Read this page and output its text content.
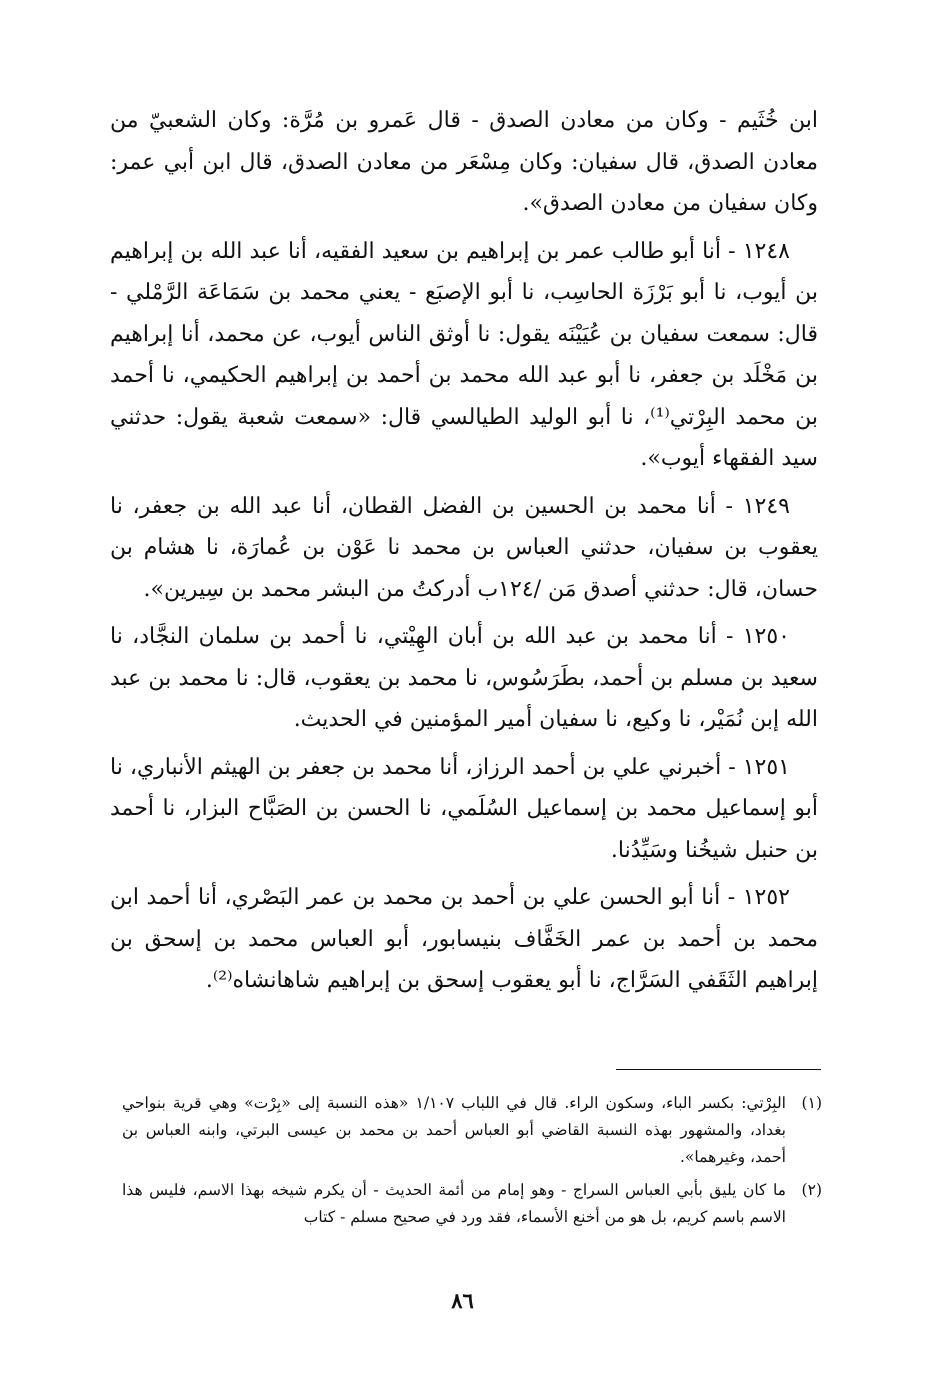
ابن خُثَيم - وكان من معادن الصدق - قال عَمرو بن مُرَّة: وكان الشعبيّ من معادن الصدق، قال سفيان: وكان مِسْعَر من معادن الصدق، قال ابن أبي عمر: وكان سفيان من معادن الصدق».

١٢٤٨ - أنا أبو طالب عمر بن إبراهيم بن سعيد الفقيه، أنا عبد الله بن إبراهيم بن أيوب، نا أبو بَرْزَة الحاسِب، نا أبو الإصبَع - يعني محمد بن سَمَاعَة الرَّمْلي - قال: سمعت سفيان بن عُيَيْنَه يقول: نا أوثق الناس أيوب، عن محمد، أنا إبراهيم بن مَخْلَد بن جعفر، نا أبو عبد الله محمد بن أحمد بن إبراهيم الحكيمي، نا أحمد بن محمد البِرْتي⁽¹⁾، نا أبو الوليد الطيالسي قال: «سمعت شعبة يقول: حدثني سيد الفقهاء أيوب».

١٢٤٩ - أنا محمد بن الحسين بن الفضل القطان، أنا عبد الله بن جعفر، نا يعقوب بن سفيان، حدثني العباس بن محمد نا عَوْن بن عُمارَة، نا هشام بن حسان، قال: حدثني أصدق مَن /١٢٤ب أدركتُ من البشر محمد بن سِيرين».

١٢٥٠ - أنا محمد بن عبد الله بن أبان الهِيْتي، نا أحمد بن سلمان النجَّاد، نا سعيد بن مسلم بن أحمد، بطَرَسُوس، نا محمد بن يعقوب، قال: نا محمد بن عبد الله إبن نُمَيْر، نا وكيع، نا سفيان أمير المؤمنين في الحديث.

١٢٥١ - أخبرني علي بن أحمد الرزاز، أنا محمد بن جعفر بن الهيثم الأنباري، نا أبو إسماعيل محمد بن إسماعيل السُلَمي، نا الحسن بن الصَبَّاح البزار، نا أحمد بن حنبل شيخُنا وسَيِّدُنا.

١٢٥٢ - أنا أبو الحسن علي بن أحمد بن محمد بن عمر البَصْري، أنا أحمد ابن محمد بن أحمد بن عمر الخَفَّاف بنيسابور، أبو العباس محمد بن إسحق بن إبراهيم الثَقَفي السَرَّاج، نا أبو يعقوب إسحق بن إبراهيم شاهانشاه⁽²⁾.

(١)
البِرْتي: بكسر الباء، وسكون الراء. قال في اللباب ١/١٠٧ «هذه النسبة إلى «بِرْت» وهي قرية بنواحي بغداد، والمشهور بهذه النسبة القاضي أبو العباس أحمد بن محمد بن عيسى البرتي، وابنه العباس بن أحمد، وغيرهما».
(٢)
ما كان يليق بأبي العباس السراج - وهو إمام من أئمة الحديث - أن يكرم شيخه بهذا الاسم، فليس هذا الاسم باسم كريم، بل هو من أخنع الأسماء، فقد ورد في صحيح مسلم - كتاب
٨٦
